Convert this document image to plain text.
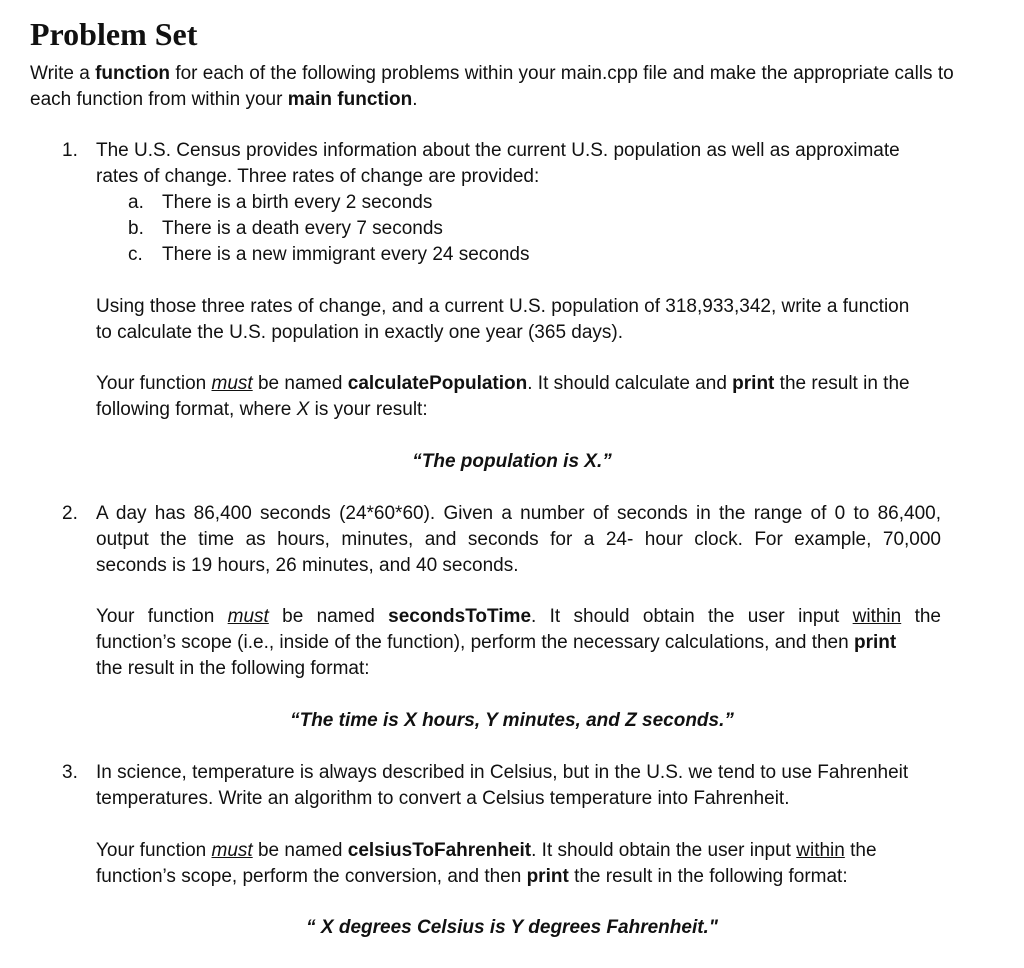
Problem Set

Write a function for each of the following problems within your main.cpp file and make the appropriate calls to each function from within your main function.

1. The U.S. Census provides information about the current U.S. population as well as approximate
rates of change. Three rates of change are provided:
a. There is a birth every 2 seconds
b. There is a death every 7 seconds
c. There is a new immigrant every 24 seconds
Using those three rates of change, and a current U.S. population of 318,933,342, write a function
to calculate the U.S. population in exactly one year (365 days).
Your function must be named calculatePopulation. It should calculate and print the result in the
following format, where X is your result:
“The population is X.”
2. A day has 86,400 seconds (24*60*60). Given a number of seconds in the range of 0 to 86,400,
output the time as hours, minutes, and seconds for a 24- hour clock. For example, 70,000
seconds is 19 hours, 26 minutes, and 40 seconds.
Your function must be named secondsToTime. It should obtain the user input within the
function’s scope (i.e., inside of the function), perform the necessary calculations, and then print
the result in the following format:
“The time is X hours, Y minutes, and Z seconds.”
3. In science, temperature is always described in Celsius, but in the U.S. we tend to use Fahrenheit
temperatures. Write an algorithm to convert a Celsius temperature into Fahrenheit.
Your function must be named celsiusToFahrenheit. It should obtain the user input within the
function’s scope, perform the conversion, and then print the result in the following format:
“ X degrees Celsius is Y degrees Fahrenheit."
